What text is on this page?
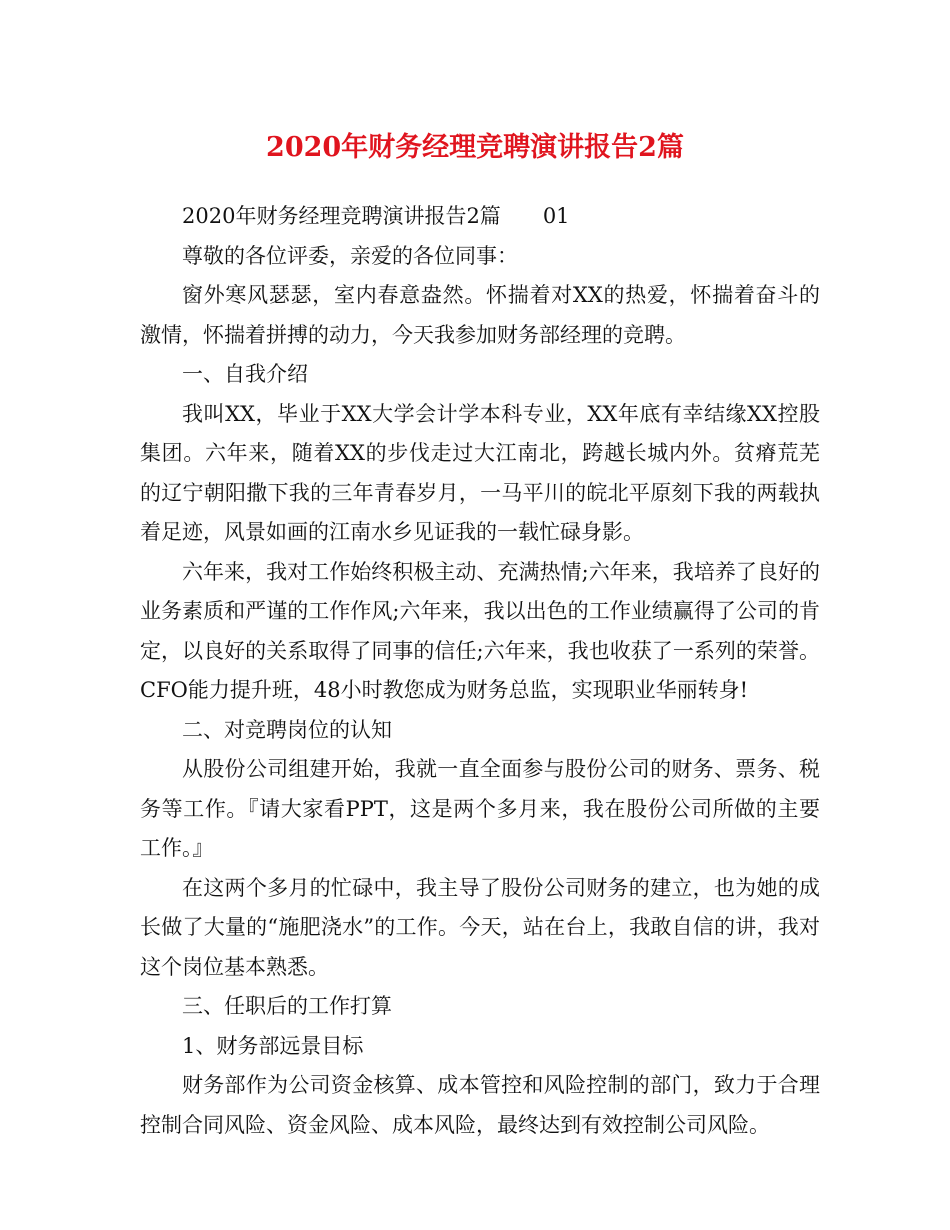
2020年财务经理竞聘演讲报告2篇

2020年财务经理竞聘演讲报告2篇 01

尊敬的各位评委，亲爱的各位同事：

窗外寒风瑟瑟，室内春意盎然。怀揣着对XX的热爱，怀揣着奋斗的激情，怀揣着拼搏的动力，今天我参加财务部经理的竞聘。

一、自我介绍

我叫XX，毕业于XX大学会计学本科专业，XX年底有幸结缘XX控股集团。六年来，随着XX的步伐走过大江南北，跨越长城内外。贫瘠荒芜的辽宁朝阳撒下我的三年青春岁月，一马平川的皖北平原刻下我的两载执着足迹，风景如画的江南水乡见证我的一载忙碌身影。

六年来，我对工作始终积极主动、充满热情;六年来，我培养了良好的业务素质和严谨的工作作风;六年来，我以出色的工作业绩赢得了公司的肯定，以良好的关系取得了同事的信任;六年来，我也收获了一系列的荣誉。CFO能力提升班，48小时教您成为财务总监，实现职业华丽转身!

二、对竞聘岗位的认知

从股份公司组建开始，我就一直全面参与股份公司的财务、票务、税务等工作。『请大家看PPT，这是两个多月来，我在股份公司所做的主要工作。』

在这两个多月的忙碌中，我主导了股份公司财务的建立，也为她的成长做了大量的“施肥浇水”的工作。今天，站在台上，我敢自信的讲，我对这个岗位基本熟悉。

三、任职后的工作打算

1、财务部远景目标

财务部作为公司资金核算、成本管控和风险控制的部门，致力于合理控制合同风险、资金风险、成本风险，最终达到有效控制公司风险。
